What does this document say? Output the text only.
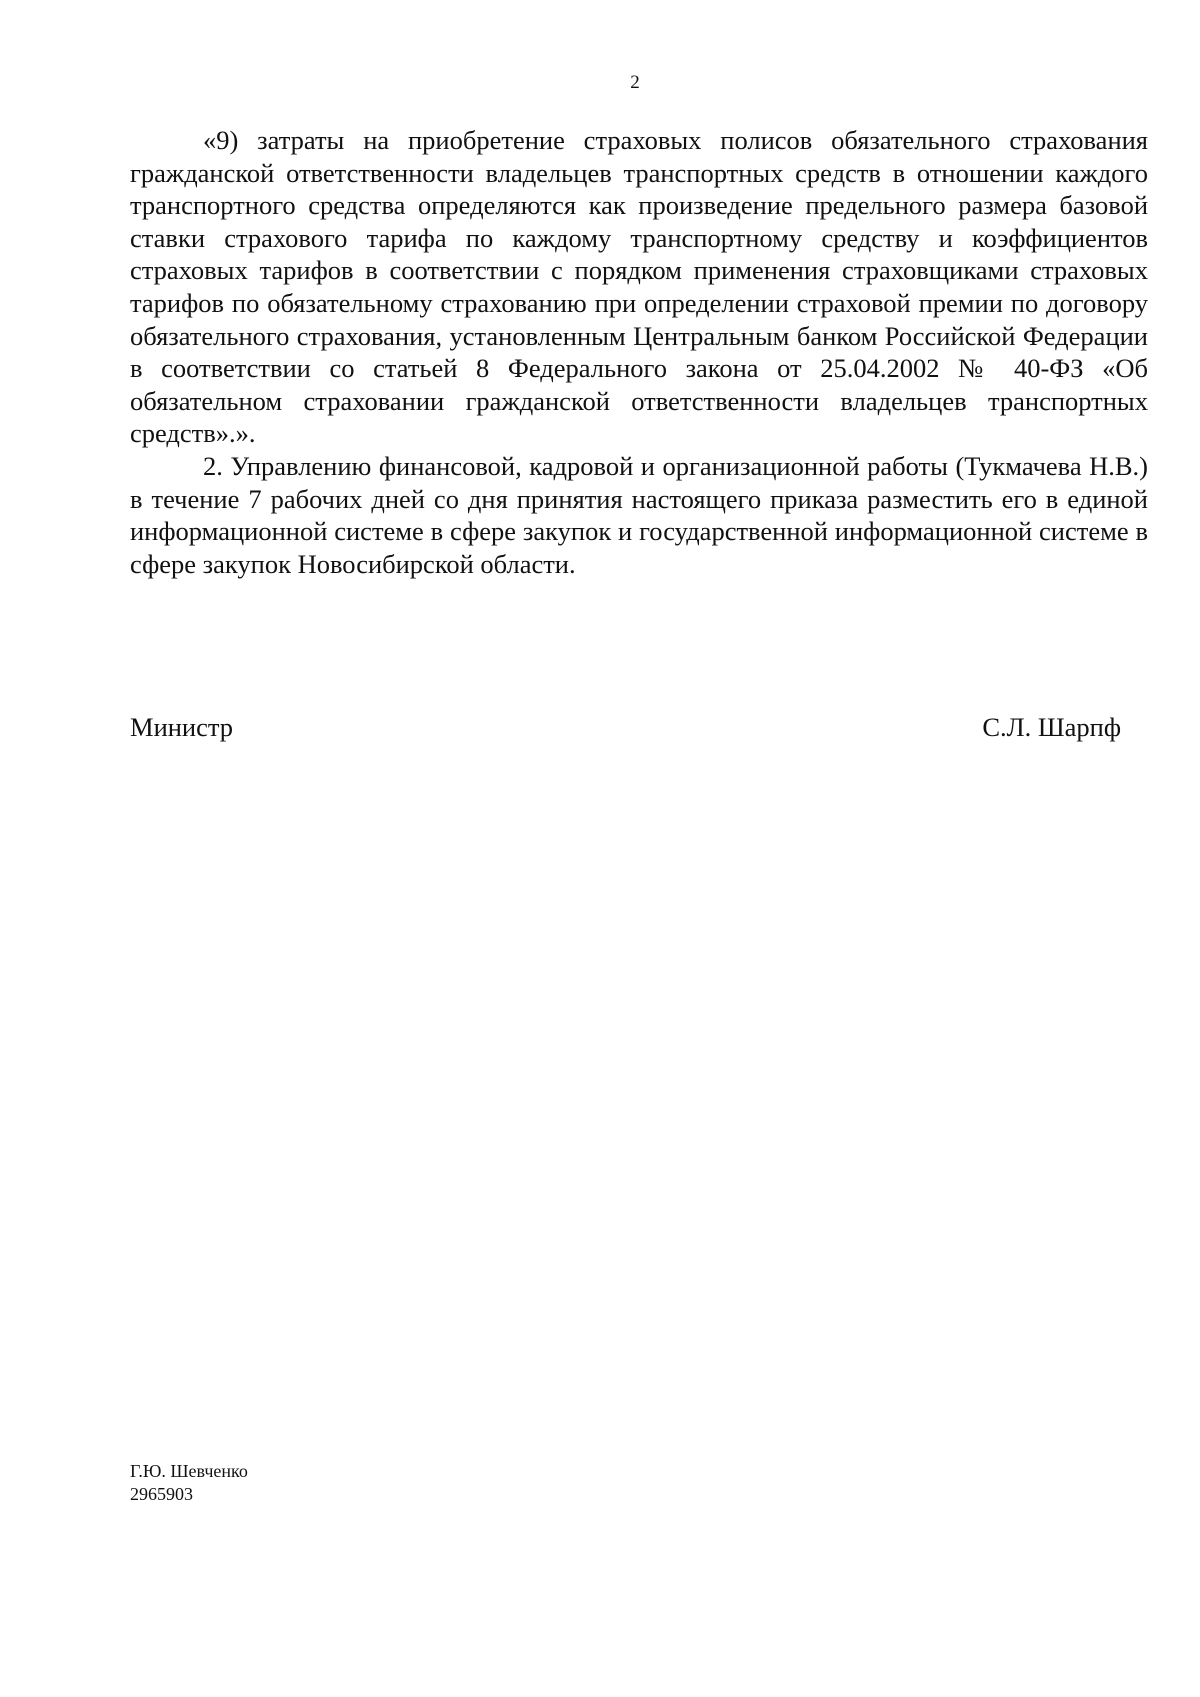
2

«9) затраты на приобретение страховых полисов обязательного страхования гражданской ответственности владельцев транспортных средств в отношении каждого транспортного средства определяются как произведение предельного размера базовой ставки страхового тарифа по каждому транспортному средству и коэффициентов страховых тарифов в соответствии с порядком применения страховщиками страховых тарифов по обязательному страхованию при определении страховой премии по договору обязательного страхования, установленным Центральным банком Российской Федерации в соответствии со статьей 8 Федерального закона от 25.04.2002 № 40-ФЗ «Об обязательном страховании гражданской ответственности владельцев транспортных средств».».

2. Управлению финансовой, кадровой и организационной работы (Тукмачева Н.В.) в течение 7 рабочих дней со дня принятия настоящего приказа разместить его в единой информационной системе в сфере закупок и государственной информационной системе в сфере закупок Новосибирской области.

Министр	С.Л. Шарпф
Г.Ю. Шевченко
2965903
